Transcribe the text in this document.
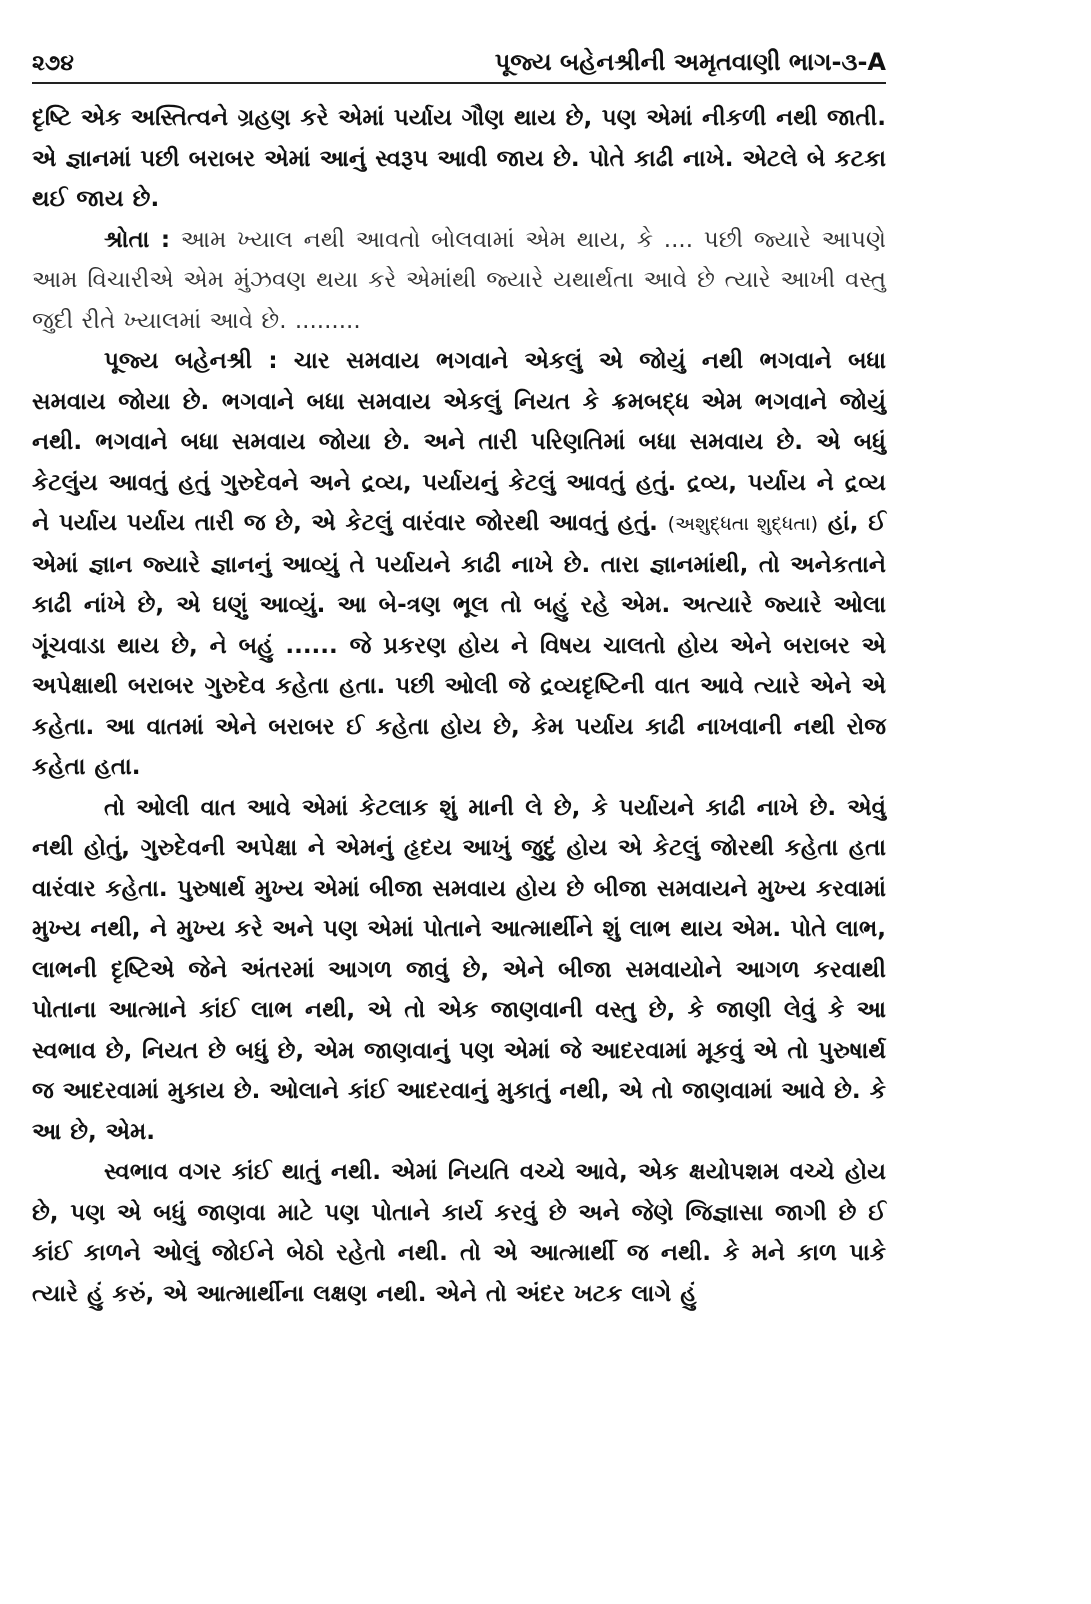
૨૭૪	પૂજ્ય બહેનશ્રીની અમૃતવાણી ભાગ-૩-A

દૃષ્ટિ એક અસ્તિત્વને ગ્રહણ કરે એમાં પર્યાય ગૌણ થાય છે, પણ એમાં નીકળી નથી જાતી. એ જ્ઞાનમાં પછી બરાબર એમાં આનું સ્વરૂપ આવી જાય છે. પોતે કાઢી નાખે. એટલે બે કટકા થઈ જાય છે.

શ્રોતા : આમ ખ્યાલ નથી આવતો બોલવામાં એમ થાય, કે .... પછી જ્યારે આપણે આમ વિચારીએ એમ મુંઝવણ થયા કરે એમાંથી જ્યારે યથાર્થતા આવે છે ત્યારે આખી વસ્તુ જુદી રીતે ખ્યાલમાં આવે છે. .........

પૂજ્ય બહેનશ્રી : ચાર સમવાય ભગવાને એકલું એ જોયું નથી ભગવાને બધા સમવાય જોયા છે. ભગવાને બધા સમવાય એકલું નિયત કે ક્રમબદ્ધ એમ ભગવાને જોયું નથી. ભગવાને બધા સમવાય જોયા છે. અને તારી પરિણતિમાં બધા સમવાય છે. એ બધું કેટલુંય આવતું હતું ગુરુદેવને અને દ્રવ્ય, પર્યાયનું કેટલું આવતું હતું. દ્રવ્ય, પર્યાય ને દ્રવ્ય ને પર્યાય પર્યાય તારી જ છે, એ કેટલું વારંવાર જોરથી આવતું હતું. (અશુદ્ધતા શુદ્ધતા) હાં, ઈ એમાં જ્ઞાન જ્યારે જ્ઞાનનું આવ્યું તે પર્યાયને કાઢી નાખે છે. તારા જ્ઞાનમાંથી, તો અનેકતાને કાઢી નાંખે છે, એ ઘણું આવ્યું. આ બે-ત્રણ ભૂલ તો બહું રહે એમ. અત્યારે જ્યારે ઓલા ગૂંચવાડા થાય છે, ને બહું ...... જે પ્રકરણ હોય ને વિષય ચાલતો હોય એને બરાબર એ અપેક્ષાથી બરાબર ગુરુદેવ કહેતા હતા. પછી ઓલી જે દ્રવ્યદૃષ્ટિની વાત આવે ત્યારે એને એ કહેતા. આ વાતમાં એને બરાબર ઈ કહેતા હોય છે, કેમ પર્યાય કાઢી નાખવાની નથી રોજ કહેતા હતા.

તો ઓલી વાત આવે એમાં કેટલાક શું માની લે છે, કે પર્યાયને કાઢી નાખે છે. એવું નથી હોતું, ગુરુદેવની અપેક્ષા ને એમનું હૃદય આખું જુદું હોય એ કેટલું જોરથી કહેતા હતા વારંવાર કહેતા. પુરુષાર્થ મુખ્ય એમાં બીજા સમવાય હોય છે બીજા સમવાયને મુખ્ય કરવામાં મુખ્ય નથી, ને મુખ્ય કરે અને પણ એમાં પોતાને આત્માર્થીને શું લાભ થાય એમ. પોતે લાભ, લાભની દૃષ્ટિએ જેને અંતરમાં આગળ જાવું છે, એને બીજા સમવાયોને આગળ કરવાથી પોતાના આત્માને કાંઈ લાભ નથી, એ તો એક જાણવાની વસ્તુ છે, કે જાણી લેવું કે આ સ્વભાવ છે, નિયત છે બધું છે, એમ જાણવાનું પણ એમાં જે આદરવામાં મૂકવું એ તો પુરુષાર્થ જ આદરવામાં મુકાય છે. ઓલાને કાંઈ આદરવાનું મુકાતું નથી, એ તો જાણવામાં આવે છે. કે આ છે, એમ.

સ્વભાવ વગર કાંઈ થાતું નથી. એમાં નિયતિ વચ્ચે આવે, એક ક્ષયોપશમ વચ્ચે હોય છે, પણ એ બધું જાણવા માટે પણ પોતાને કાર્ય કરવું છે અને જેણે જિજ્ઞાસા જાગી છે ઈ કાંઈ કાળને ઓલું જોઈને બેઠો રહેતો નથી. તો એ આત્માર્થી જ નથી. કે મને કાળ પાકે ત્યારે હું કરું, એ આત્માર્થીના લક્ષણ નથી. એને તો અંદર ખટક લાગે હું
